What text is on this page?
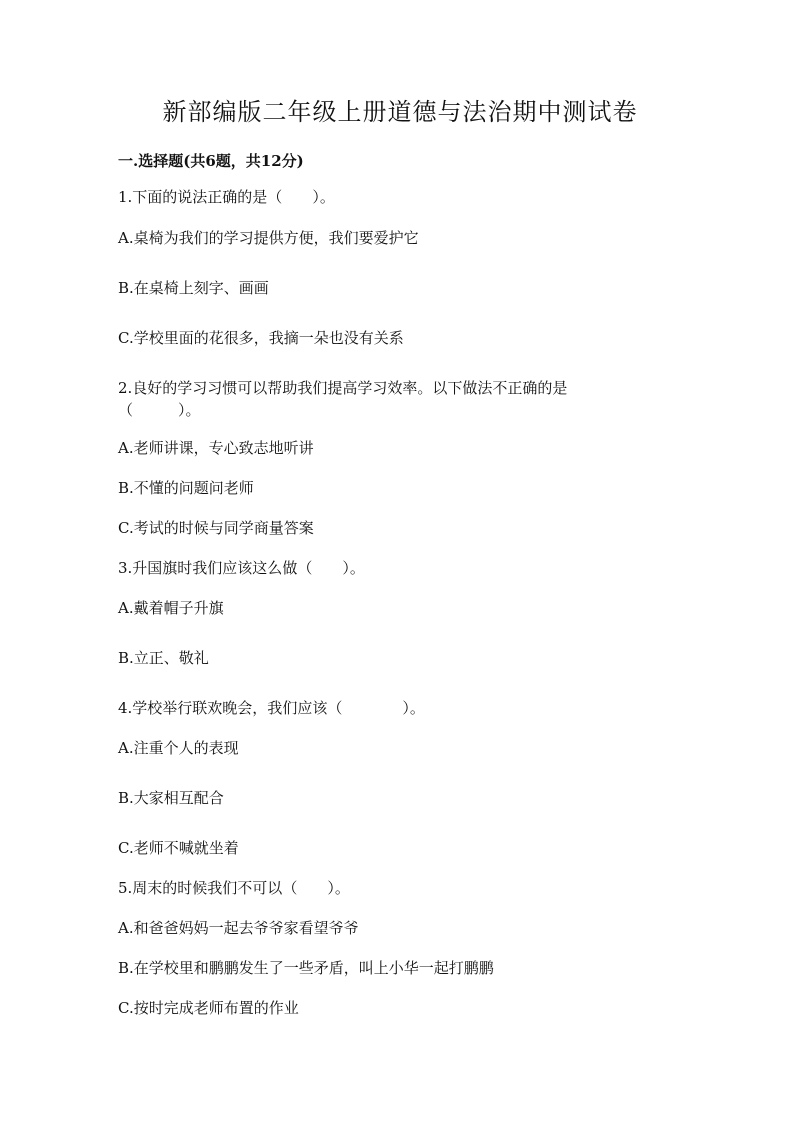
新部编版二年级上册道德与法治期中测试卷
一.选择题(共6题，共12分)
1.下面的说法正确的是（　　）。
A.桌椅为我们的学习提供方便，我们要爱护它
B.在桌椅上刻字、画画
C.学校里面的花很多，我摘一朵也没有关系
2.良好的学习习惯可以帮助我们提高学习效率。以下做法不正确的是
（　　　）。
A.老师讲课，专心致志地听讲
B.不懂的问题问老师
C.考试的时候与同学商量答案
3.升国旗时我们应该这么做（　　）。
A.戴着帽子升旗
B.立正、敬礼
4.学校举行联欢晚会，我们应该（　　　　）。
A.注重个人的表现
B.大家相互配合
C.老师不喊就坐着
5.周末的时候我们不可以（　　）。
A.和爸爸妈妈一起去爷爷家看望爷爷
B.在学校里和鹏鹏发生了一些矛盾，叫上小华一起打鹏鹏
C.按时完成老师布置的作业
